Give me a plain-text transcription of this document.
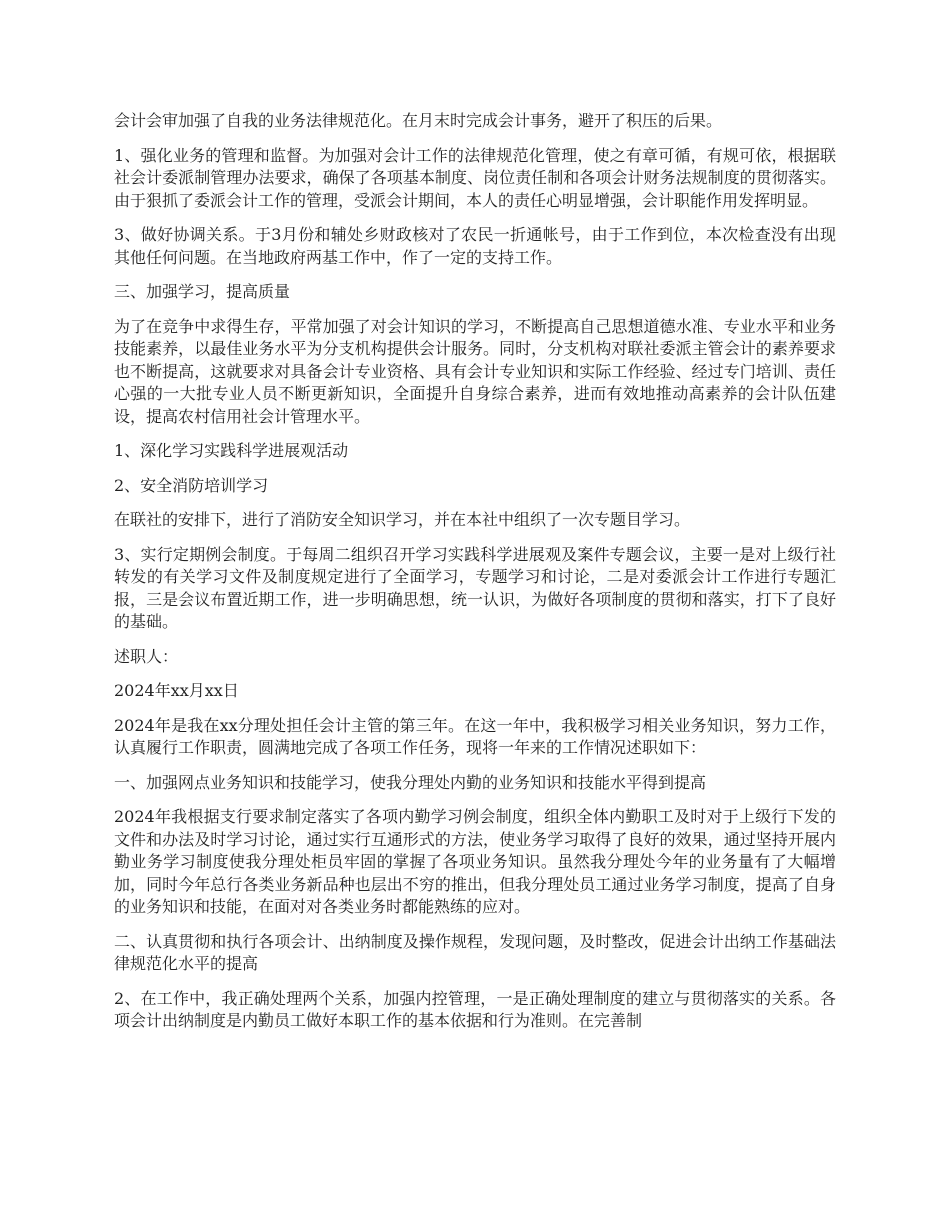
会计会审加强了自我的业务法律规范化。在月末时完成会计事务，避开了积压的后果。

1、强化业务的管理和监督。为加强对会计工作的法律规范化管理，使之有章可循，有规可依，根据联社会计委派制管理办法要求，确保了各项基本制度、岗位责任制和各项会计财务法规制度的贯彻落实。由于狠抓了委派会计工作的管理，受派会计期间，本人的责任心明显增强，会计职能作用发挥明显。

3、做好协调关系。于3月份和辅处乡财政核对了农民一折通帐号，由于工作到位，本次检查没有出现其他任何问题。在当地政府两基工作中，作了一定的支持工作。

三、加强学习，提高质量

为了在竞争中求得生存，平常加强了对会计知识的学习，不断提高自己思想道德水准、专业水平和业务技能素养，以最佳业务水平为分支机构提供会计服务。同时，分支机构对联社委派主管会计的素养要求也不断提高，这就要求对具备会计专业资格、具有会计专业知识和实际工作经验、经过专门培训、责任心强的一大批专业人员不断更新知识，全面提升自身综合素养，进而有效地推动高素养的会计队伍建设，提高农村信用社会计管理水平。

1、深化学习实践科学进展观活动

2、安全消防培训学习

在联社的安排下，进行了消防安全知识学习，并在本社中组织了一次专题目学习。

3、实行定期例会制度。于每周二组织召开学习实践科学进展观及案件专题会议，主要一是对上级行社转发的有关学习文件及制度规定进行了全面学习，专题学习和讨论，二是对委派会计工作进行专题汇报，三是会议布置近期工作，进一步明确思想，统一认识，为做好各项制度的贯彻和落实，打下了良好的基础。

述职人：

2024年xx月xx日

2024年是我在xx分理处担任会计主管的第三年。在这一年中，我积极学习相关业务知识，努力工作，认真履行工作职责，圆满地完成了各项工作任务，现将一年来的工作情况述职如下：

一、加强网点业务知识和技能学习，使我分理处内勤的业务知识和技能水平得到提高

2024年我根据支行要求制定落实了各项内勤学习例会制度，组织全体内勤职工及时对于上级行下发的文件和办法及时学习讨论，通过实行互通形式的方法，使业务学习取得了良好的效果，通过坚持开展内勤业务学习制度使我分理处柜员牢固的掌握了各项业务知识。虽然我分理处今年的业务量有了大幅增加，同时今年总行各类业务新品种也层出不穷的推出，但我分理处员工通过业务学习制度，提高了自身的业务知识和技能，在面对对各类业务时都能熟练的应对。

二、认真贯彻和执行各项会计、出纳制度及操作规程，发现问题，及时整改，促进会计出纳工作基础法律规范化水平的提高

2、在工作中，我正确处理两个关系，加强内控管理，一是正确处理制度的建立与贯彻落实的关系。各项会计出纳制度是内勤员工做好本职工作的基本依据和行为准则。在完善制
